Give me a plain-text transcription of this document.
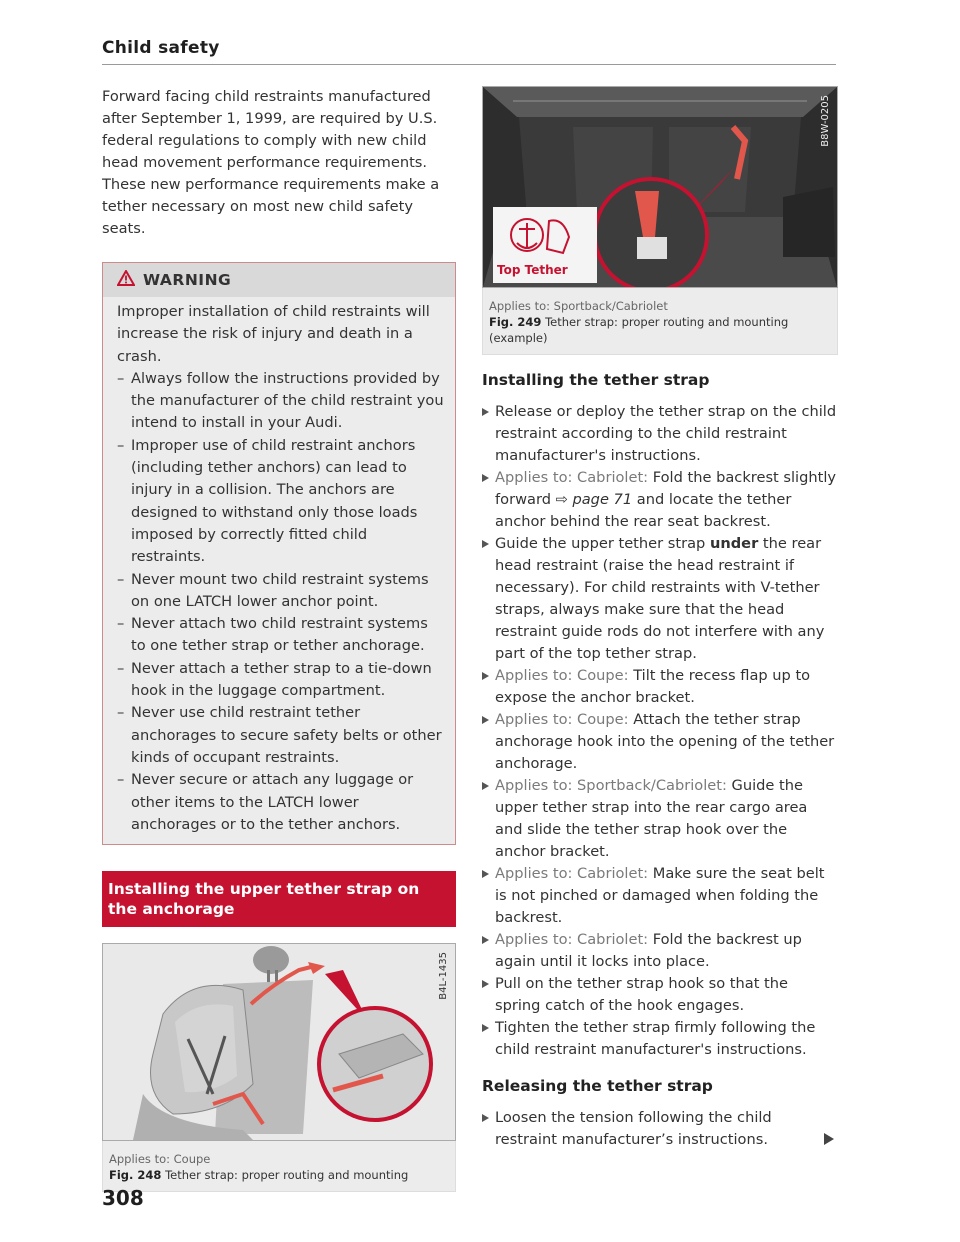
Child safety

Forward facing child restraints manufactured after September 1, 1999, are required by U.S. federal regulations to comply with new child head movement performance requirements. These new performance requirements make a tether necessary on most new child safety seats.

WARNING

Improper installation of child restraints will increase the risk of injury and death in a crash.

– Always follow the instructions provided by the manufacturer of the child restraint you intend to install in your Audi.
– Improper use of child restraint anchors (including tether anchors) can lead to injury in a collision. The anchors are designed to withstand only those loads imposed by correctly fitted child restraints.
– Never mount two child restraint systems on one LATCH lower anchor point.
– Never attach two child restraint systems to one tether strap or tether anchorage.
– Never attach a tether strap to a tie-down hook in the luggage compartment.
– Never use child restraint tether anchorages to secure safety belts or other kinds of occupant restraints.
– Never secure or attach any luggage or other items to the LATCH lower anchorages or to the tether anchors.
Installing the upper tether strap on the anchorage
B4L-1435
Applies to: Coupe
Fig. 248 Tether strap: proper routing and mounting
308
Top Tether
B8W-0205
Applies to: Sportback/Cabriolet
Fig. 249 Tether strap: proper routing and mounting (example)
Installing the tether strap
Release or deploy the tether strap on the child restraint according to the child restraint manufacturer's instructions.
Applies to: Cabriolet: Fold the backrest slightly forward ⇨ page 71 and locate the tether anchor behind the rear seat backrest.
Guide the upper tether strap under the rear head restraint (raise the head restraint if necessary). For child restraints with V-tether straps, always make sure that the head restraint guide rods do not interfere with any part of the top tether strap.
Applies to: Coupe: Tilt the recess flap up to expose the anchor bracket.
Applies to: Coupe: Attach the tether strap anchorage hook into the opening of the tether anchorage.
Applies to: Sportback/Cabriolet: Guide the upper tether strap into the rear cargo area and slide the tether strap hook over the anchor bracket.
Applies to: Cabriolet: Make sure the seat belt is not pinched or damaged when folding the backrest.
Applies to: Cabriolet: Fold the backrest up again until it locks into place.
Pull on the tether strap hook so that the spring catch of the hook engages.
Tighten the tether strap firmly following the child restraint manufacturer's instructions.
Releasing the tether strap
Loosen the tension following the child restraint manufacturer’s instructions.
